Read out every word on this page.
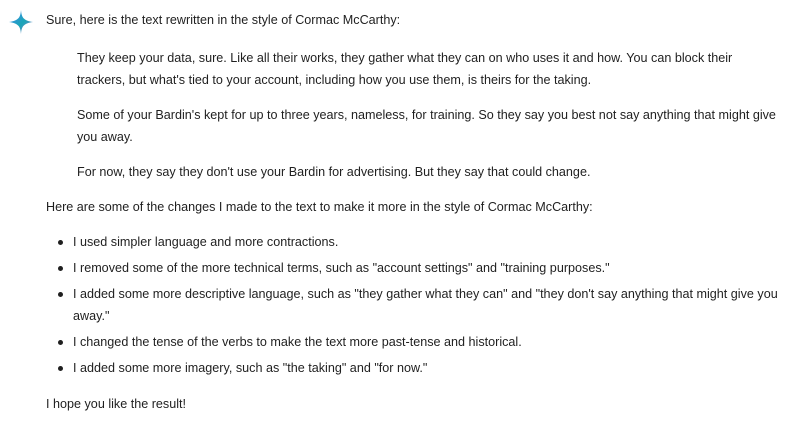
Sure, here is the text rewritten in the style of Cormac McCarthy:

They keep your data, sure. Like all their works, they gather what they can on who uses it and how. You can block their trackers, but what's tied to your account, including how you use them, is theirs for the taking.

Some of your Bardin's kept for up to three years, nameless, for training. So they say you best not say anything that might give you away.

For now, they say they don't use your Bardin for advertising. But they say that could change.

Here are some of the changes I made to the text to make it more in the style of Cormac McCarthy:

I used simpler language and more contractions.
I removed some of the more technical terms, such as "account settings" and "training purposes."
I added some more descriptive language, such as "they gather what they can" and "they don't say anything that might give you away."
I changed the tense of the verbs to make the text more past-tense and historical.
I added some more imagery, such as "the taking" and "for now."

I hope you like the result!
